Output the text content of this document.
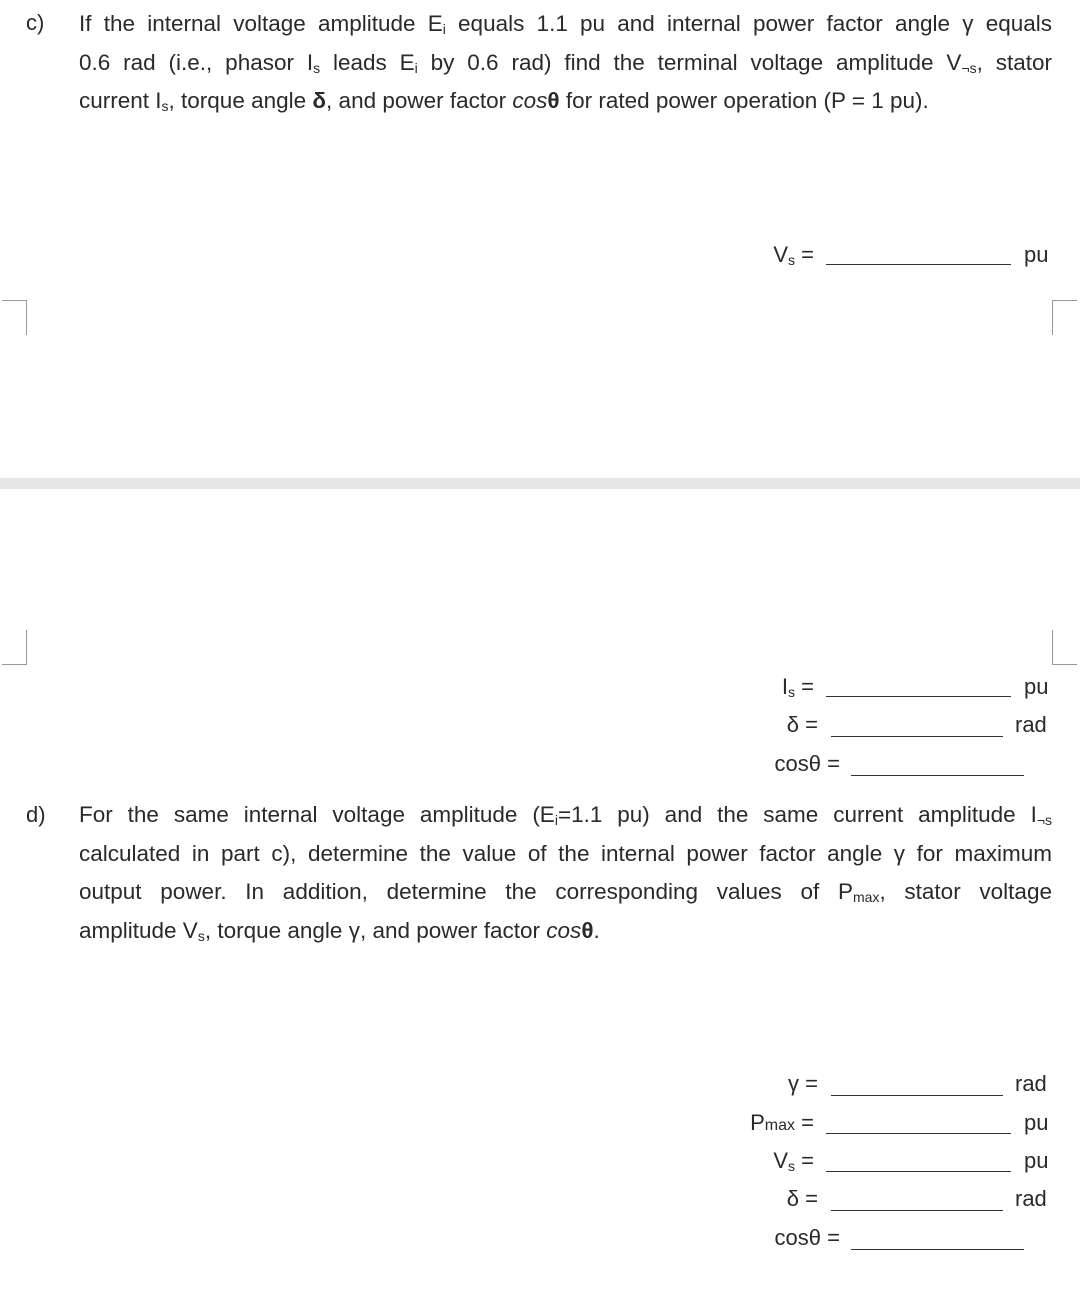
c) If the internal voltage amplitude $E_i$ equals 1.1 pu and internal power factor angle γ equals
0.6 rad (i.e., phasor $I_s$ leads $E_i$ by 0.6 rad) find the terminal voltage amplitude $V_{\neg s}$, stator
current $I_s$, torque angle δ, and power factor cosθ for rated power operation (P = 1 pu).
$V_s$ =	pu
$I_s$ =	pu
δ =	rad
cosθ =
d) For the same internal voltage amplitude ($E_i=1.1$ pu) and the same current amplitude $I_{\neg s}$
calculated in part c), determine the value of the internal power factor angle γ for maximum
output power. In addition, determine the corresponding values of $P_{max}$, stator voltage
amplitude $V_s$, torque angle γ, and power factor cosθ.
γ =	rad
Pmax =	pu
$V_s$ =	pu
δ =	rad
cosθ =
